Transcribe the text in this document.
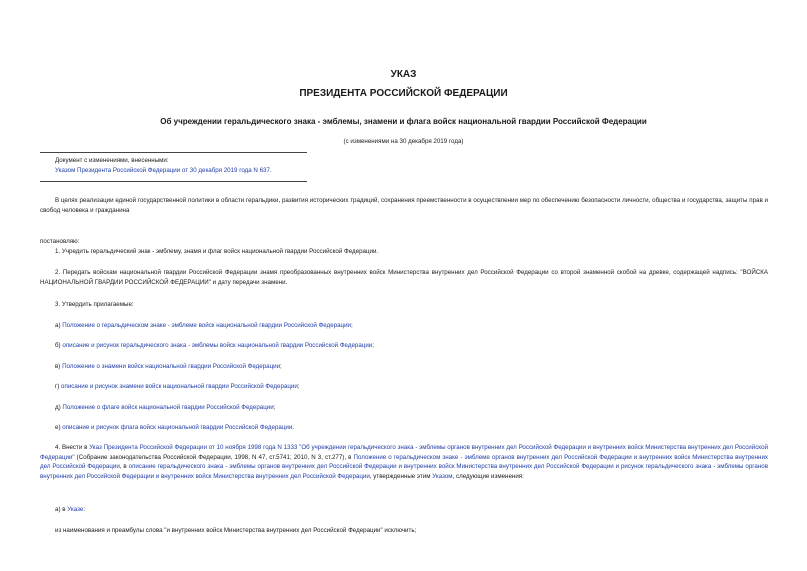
УКАЗ
ПРЕЗИДЕНТА РОССИЙСКОЙ ФЕДЕРАЦИИ
Об учреждении геральдического знака - эмблемы, знамени и флага войск национальной гвардии Российской Федерации
(с изменениями на 30 декабря 2019 года)
Документ с изменениями, внесенными:
Указом Президента Российской Федерации от 30 декабря 2019 года N 637.
В целях реализации единой государственной политики в области геральдики, развития исторических традиций, сохранения преемственности в осуществлении мер по обеспечению безопасности личности, общества и государства, защиты прав и свобод человека и гражданина
постановляю:
1. Учредить геральдический знак - эмблему, знамя и флаг войск национальной гвардии Российской Федерации.
2. Передать войскам национальной гвардии Российской Федерации знамя преобразованных внутренних войск Министерства внутренних дел Российской Федерации со второй знаменной скобой на древке, содержащей надпись: "ВОЙСКА НАЦИОНАЛЬНОЙ ГВАРДИИ РОССИЙСКОЙ ФЕДЕРАЦИИ" и дату передачи знамени.
3. Утвердить прилагаемые:
а) Положение о геральдическом знаке - эмблеме войск национальной гвардии Российской Федерации;
б) описание и рисунок геральдического знака - эмблемы войск национальной гвардии Российской Федерации;
в) Положение о знамени войск национальной гвардии Российской Федерации;
г) описание и рисунок знамени войск национальной гвардии Российской Федерации;
д) Положение о флаге войск национальной гвардии Российской Федерации;
е) описание и рисунок флага войск национальной гвардии Российской Федерации.
4. Внести в Указ Президента Российской Федерации от 10 ноября 1998 года N 1333 "Об учреждении геральдического знака - эмблемы органов внутренних дел Российской Федерации и внутренних войск Министерства внутренних дел Российской Федерации" (Собрание законодательства Российской Федерации, 1998, N 47, ст.5741; 2010, N 3, ст.277), в Положение о геральдическом знаке - эмблеме органов внутренних дел Российской Федерации и внутренних войск Министерства внутренних дел Российской Федерации, в описание геральдического знака - эмблемы органов внутренних дел Российской Федерации и внутренних войск Министерства внутренних дел Российской Федерации и рисунок геральдического знака - эмблемы органов внутренних дел Российской Федерации и внутренних войск Министерства внутренних дел Российской Федерации, утвержденные этим Указом, следующие изменения:
а) в Указе:
из наименования и преамбулы слова "и внутренних войск Министерства внутренних дел Российской Федерации" исключить;
